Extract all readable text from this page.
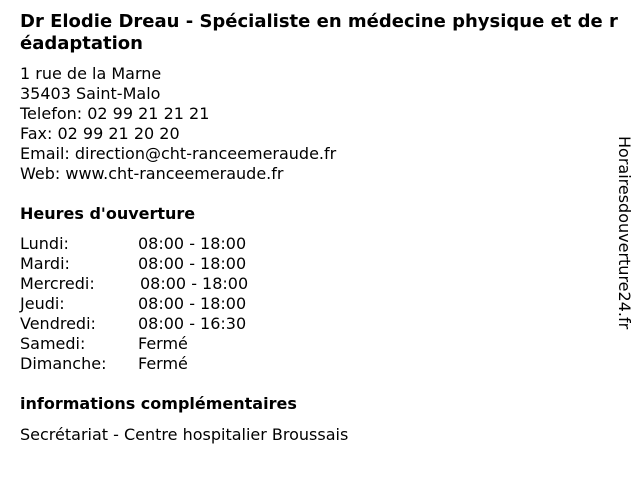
Dr Elodie Dreau - Spécialiste en médecine physique et de réadaptation
1 rue de la Marne
35403 Saint-Malo
Telefon: 02 99 21 21 21
Fax: 02 99 21 20 20
Email: direction@cht-ranceemeraude.fr
Web: www.cht-ranceemeraude.fr
Heures d'ouverture
Lundi:	08:00 - 18:00
Mardi:	08:00 - 18:00
Mercredi:	08:00 - 18:00
Jeudi:	08:00 - 18:00
Vendredi:	08:00 - 16:30
Samedi:	Fermé
Dimanche: Fermé
informations complémentaires
Secrétariat - Centre hospitalier Broussais
Horairesdouverture24.fr
